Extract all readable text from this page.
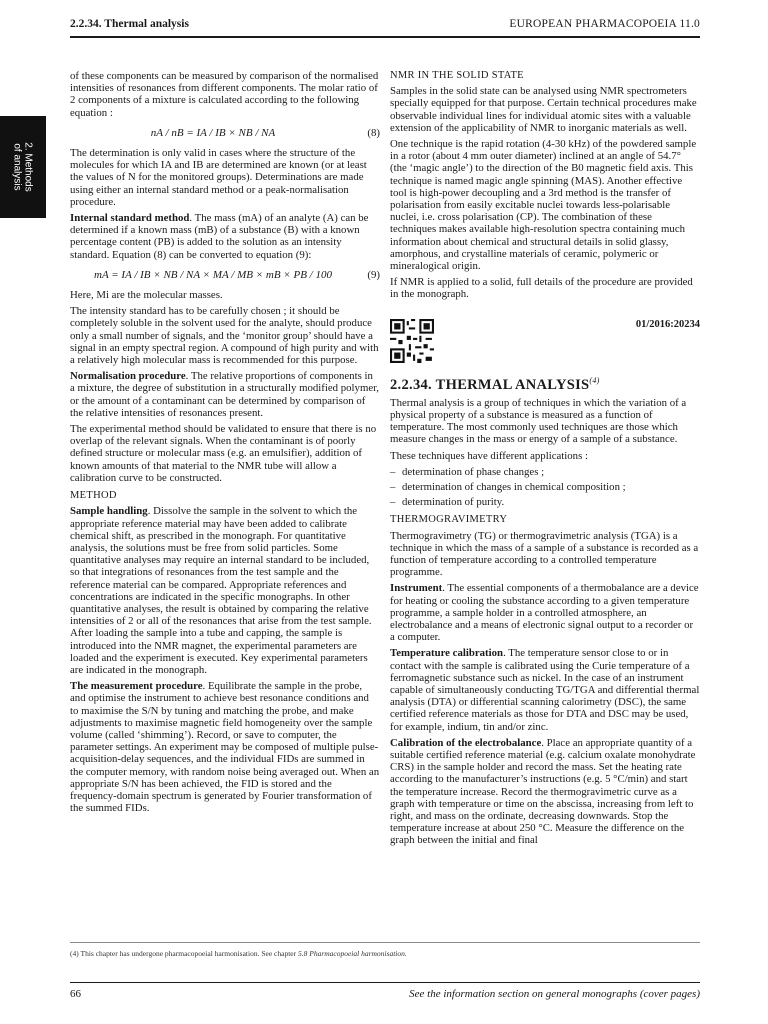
2.2.34. Thermal analysis	EUROPEAN PHARMACOPOEIA 11.0
2. Methods
of analysis

of these components can be measured by comparison of the normalised intensities of resonances from different components. The molar ratio of 2 components of a mixture is calculated according to the following equation :

nA / nB = IA / IB × NB / NA	(8)

The determination is only valid in cases where the structure of the molecules for which IA and IB are determined are known (or at least the values of N for the monitored groups). Determinations are made using either an internal standard method or a peak-normalisation procedure.

Internal standard method. The mass (mA) of an analyte (A) can be determined if a known mass (mB) of a substance (B) with a known percentage content (PB) is added to the solution as an intensity standard. Equation (8) can be converted to equation (9):

mA = IA / IB × NB / NA × MA / MB × mB × PB / 100	(9)

Here, Mi are the molecular masses.

The intensity standard has to be carefully chosen ; it should be completely soluble in the solvent used for the analyte, should produce only a small number of signals, and the ‘monitor group’ should have a signal in an empty spectral region. A compound of high purity and with a relatively high molecular mass is recommended for this purpose.

Normalisation procedure. The relative proportions of components in a mixture, the degree of substitution in a structurally modified polymer, or the amount of a contaminant can be determined by comparison of the relative intensities of resonances present.

The experimental method should be validated to ensure that there is no overlap of the relevant signals. When the contaminant is of poorly defined structure or molecular mass (e.g. an emulsifier), addition of known amounts of that material to the NMR tube will allow a calibration curve to be constructed.

METHOD

Sample handling. Dissolve the sample in the solvent to which the appropriate reference material may have been added to calibrate chemical shift, as prescribed in the monograph. For quantitative analysis, the solutions must be free from solid particles. Some quantitative analyses may require an internal standard to be included, so that integrations of resonances from the test sample and the reference material can be compared. Appropriate references and concentrations are indicated in the specific monographs. In other quantitative analyses, the result is obtained by comparing the relative intensities of 2 or all of the resonances that arise from the test sample. After loading the sample into a tube and capping, the sample is introduced into the NMR magnet, the experimental parameters are loaded and the experiment is executed. Key experimental parameters are indicated in the monograph.

The measurement procedure. Equilibrate the sample in the probe, and optimise the instrument to achieve best resonance conditions and to maximise the S/N by tuning and matching the probe, and make adjustments to maximise magnetic field homogeneity over the sample volume (called ‘shimming’). Record, or save to computer, the parameter settings. An experiment may be composed of multiple pulse-acquisition-delay sequences, and the individual FIDs are summed in the computer memory, with random noise being averaged out. When an appropriate S/N has been achieved, the FID is stored and the frequency-domain spectrum is generated by Fourier transformation of the summed FIDs.

NMR IN THE SOLID STATE

Samples in the solid state can be analysed using NMR spectrometers specially equipped for that purpose. Certain technical procedures make observable individual lines for individual atomic sites with a valuable extension of the applicability of NMR to inorganic materials as well.

One technique is the rapid rotation (4-30 kHz) of the powdered sample in a rotor (about 4 mm outer diameter) inclined at an angle of 54.7° (the ‘magic angle’) to the direction of the B0 magnetic field axis. This technique is named magic angle spinning (MAS). Another effective tool is high-power decoupling and a 3rd method is the transfer of polarisation from easily excitable nuclei towards less-polarisable nuclei, i.e. cross polarisation (CP). The combination of these techniques makes available high-resolution spectra containing much information about chemical and structural details in solid glassy, amorphous, and crystalline materials of ceramic, polymeric or mineralogical origin.

If NMR is applied to a solid, full details of the procedure are provided in the monograph.

01/2016:20234
2.2.34. THERMAL ANALYSIS$^{(4)}$

Thermal analysis is a group of techniques in which the variation of a physical property of a substance is measured as a function of temperature. The most commonly used techniques are those which measure changes in the mass or energy of a sample of a substance.

These techniques have different applications :

– determination of phase changes ;
– determination of changes in chemical composition ;
– determination of purity.
THERMOGRAVIMETRY

Thermogravimetry (TG) or thermogravimetric analysis (TGA) is a technique in which the mass of a sample of a substance is recorded as a function of temperature according to a controlled temperature programme.

Instrument. The essential components of a thermobalance are a device for heating or cooling the substance according to a given temperature programme, a sample holder in a controlled atmosphere, an electrobalance and a means of electronic signal output to a recorder or a computer.

Temperature calibration. The temperature sensor close to or in contact with the sample is calibrated using the Curie temperature of a ferromagnetic substance such as nickel. In the case of an instrument capable of simultaneously conducting TG/TGA and differential thermal analysis (DTA) or differential scanning calorimetry (DSC), the same certified reference materials as those for DTA and DSC may be used, for example, indium, tin and/or zinc.

Calibration of the electrobalance. Place an appropriate quantity of a suitable certified reference material (e.g. calcium oxalate monohydrate CRS) in the sample holder and record the mass. Set the heating rate according to the manufacturer’s instructions (e.g. 5 °C/min) and start the temperature increase. Record the thermogravimetric curve as a graph with temperature or time on the abscissa, increasing from left to right, and mass on the ordinate, decreasing downwards. Stop the temperature increase at about 250 °C. Measure the difference on the graph between the initial and final

(4) This chapter has undergone pharmacopoeial harmonisation. See chapter 5.8 Pharmacopoeial harmonisation.
66	See the information section on general monographs (cover pages)
